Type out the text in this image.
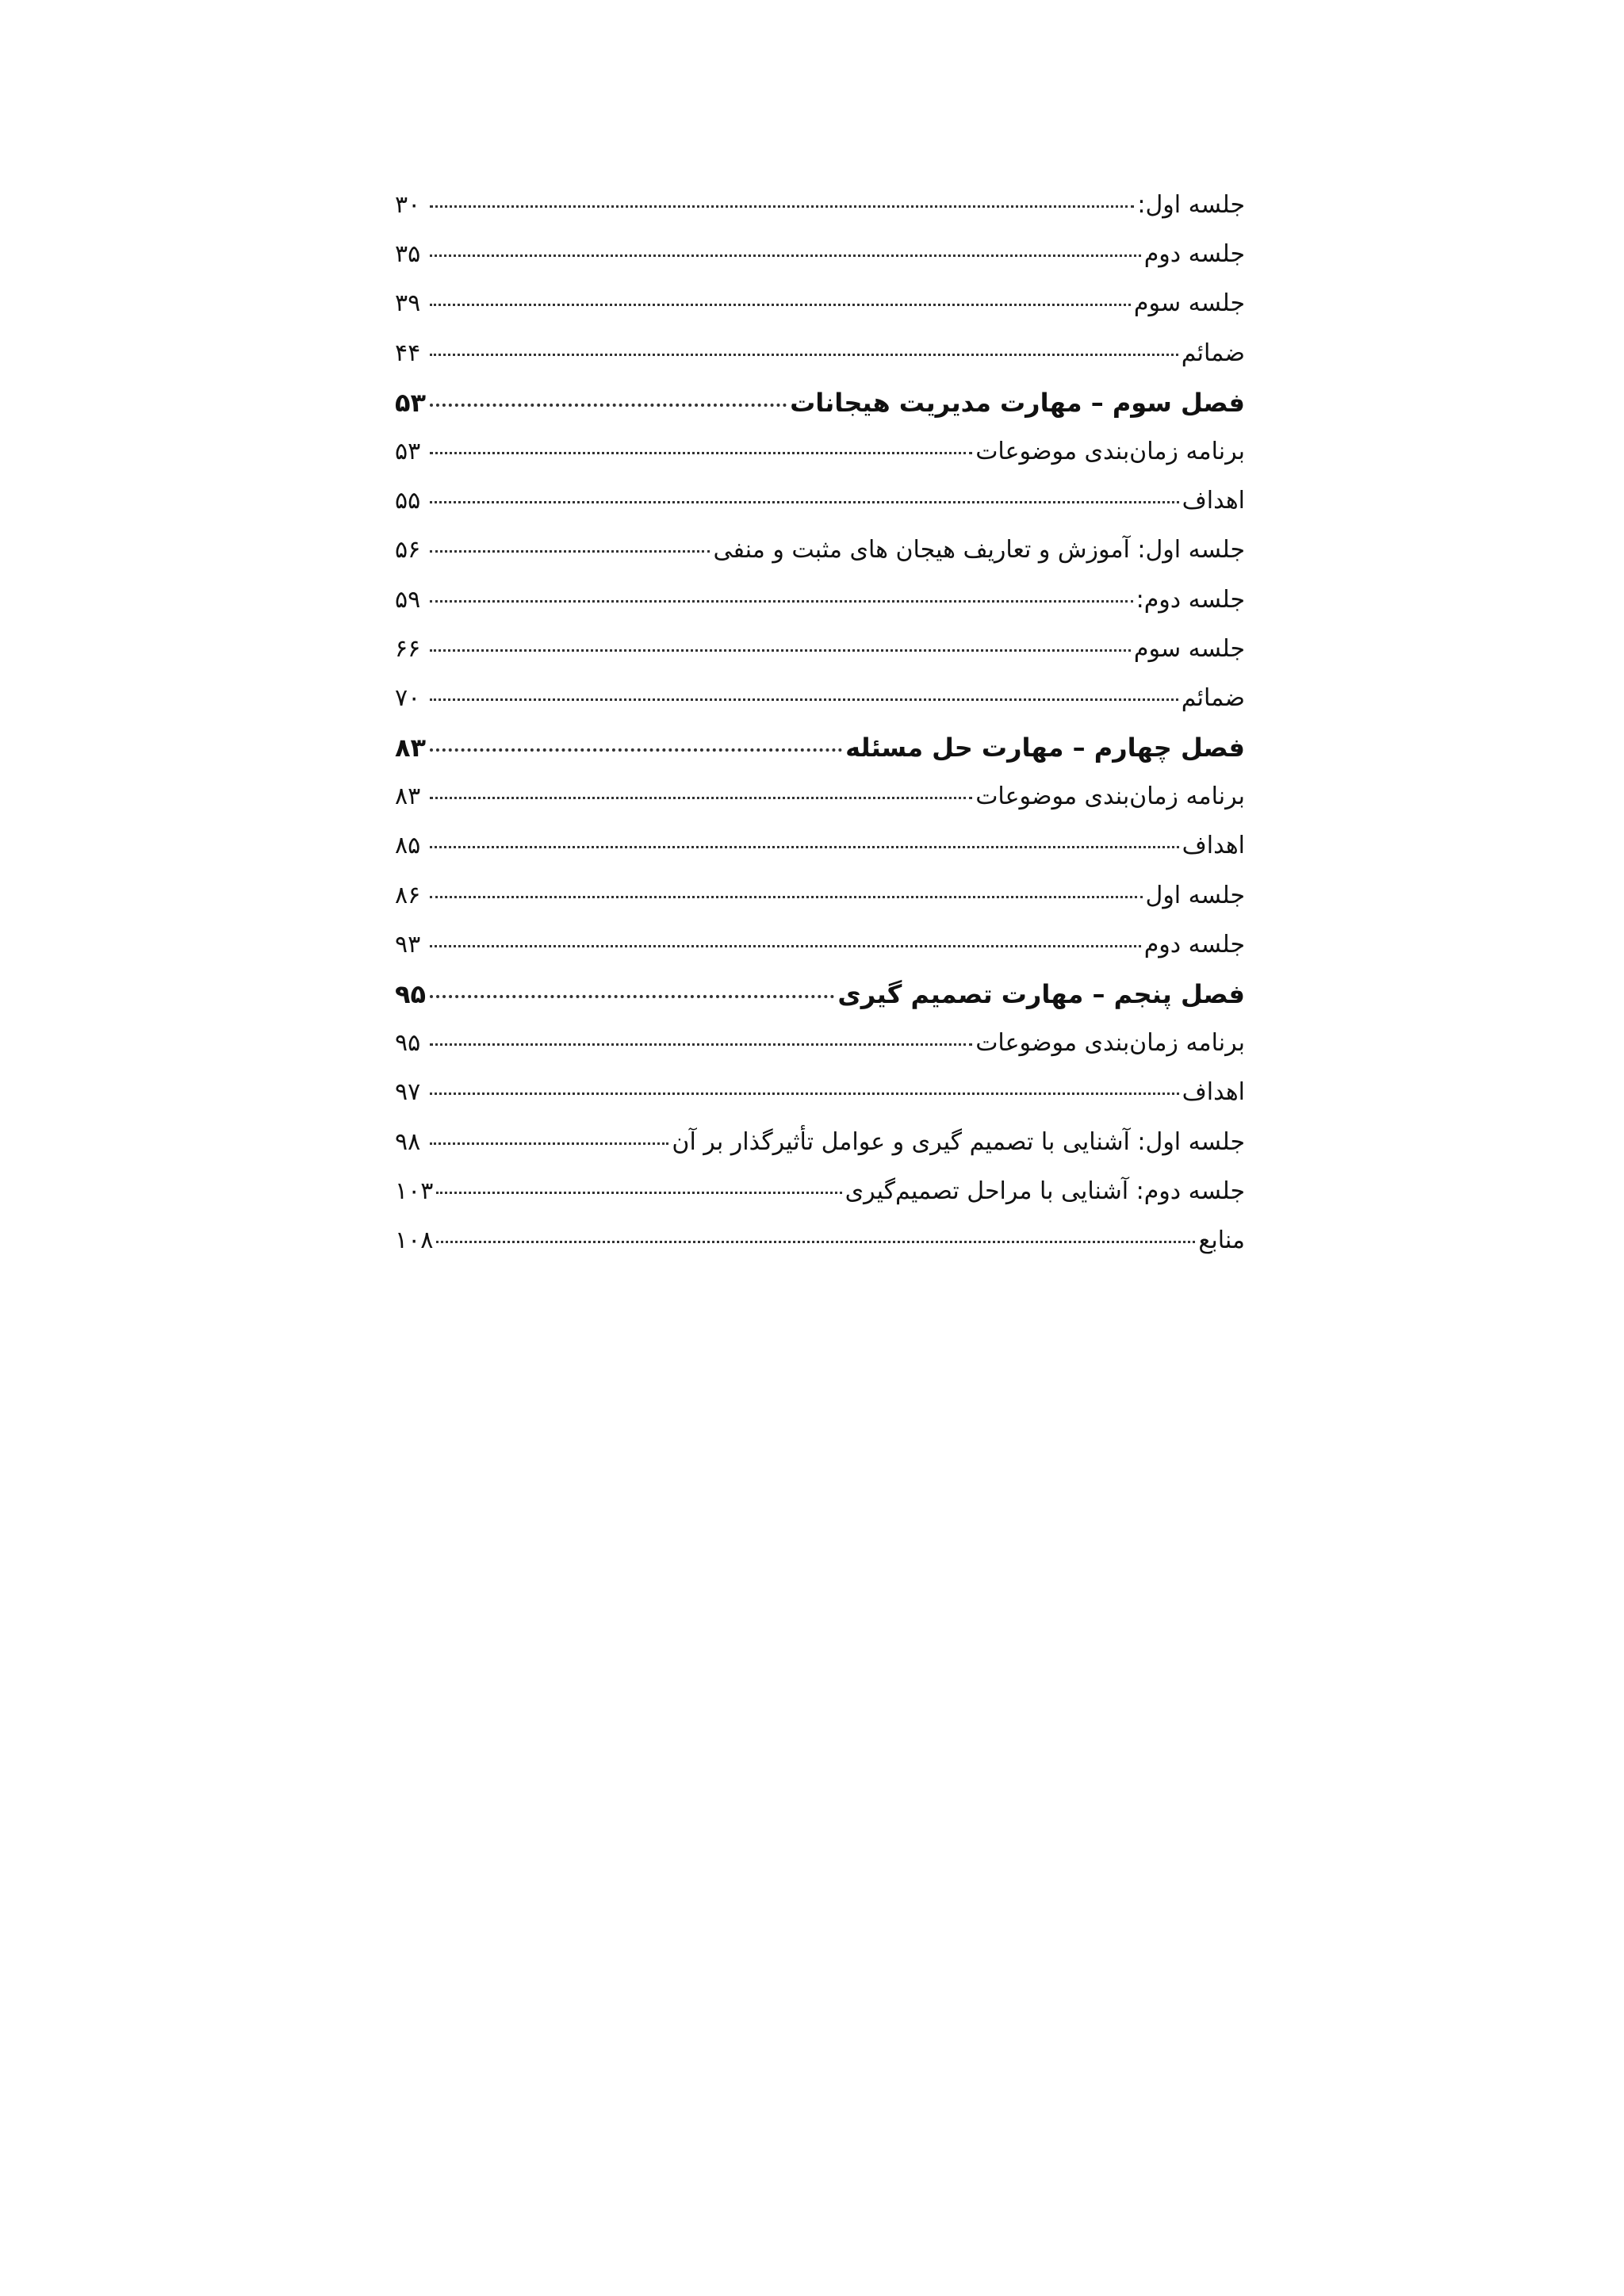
جلسه اول:
۳۰
جلسه دوم
۳۵
جلسه سوم
۳۹
ضمائم
۴۴
فصل سوم – مهارت مدیریت هیجانات
۵۳
برنامه زمان‌بندی موضوعات
۵۳
اهداف
۵۵
جلسه اول: آموزش و تعاریف هیجان های مثبت و منفی
۵۶
جلسه دوم:
۵۹
جلسه سوم
۶۶
ضمائم
۷۰
فصل چهارم – مهارت حل مسئله
۸۳
برنامه زمان‌بندی موضوعات
۸۳
اهداف
۸۵
جلسه اول
۸۶
جلسه دوم
۹۳
فصل پنجم – مهارت تصمیم گیری
۹۵
برنامه زمان‌بندی موضوعات
۹۵
اهداف
۹۷
جلسه اول: آشنایی با تصمیم گیری و عوامل تأثیرگذار بر آن
۹۸
جلسه دوم: آشنایی با مراحل تصمیم‌گیری
۱۰۳
منابع
۱۰۸
